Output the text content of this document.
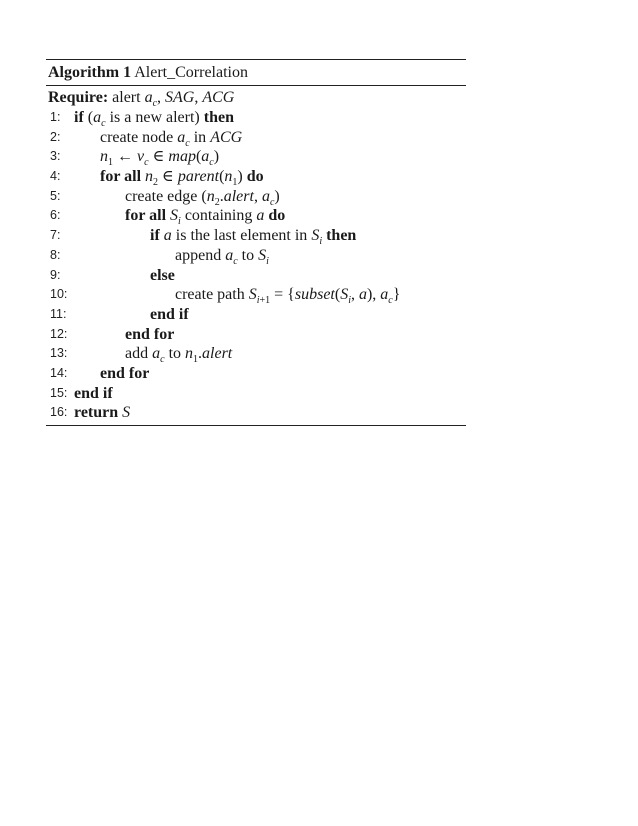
Algorithm 1 Alert_Correlation
Require: alert $a_c$, SAG, ACG
1: if ($a_c$ is a new alert) then
2: create node $a_c$ in ACG
3: $n_1$ ← $v_c$ ∈ $map(a_c)$
4: for all $n_2$ ∈ $parent(n_1)$ do
5:	create edge ($n_2.alert$, $a_c$)
6:	for all $S_i$ containing a do
7:	if a is the last element in $S_i$ then
8:	append $a_c$ to $S_i$
9:	else
10:	create path $S_{i+1}$ = {$subset(S_i$, a), $a_c$}
11:	end if
12:	end for
13:	add $a_c$ to $n_1.alert$
14: end for
15: end if
16: return S
